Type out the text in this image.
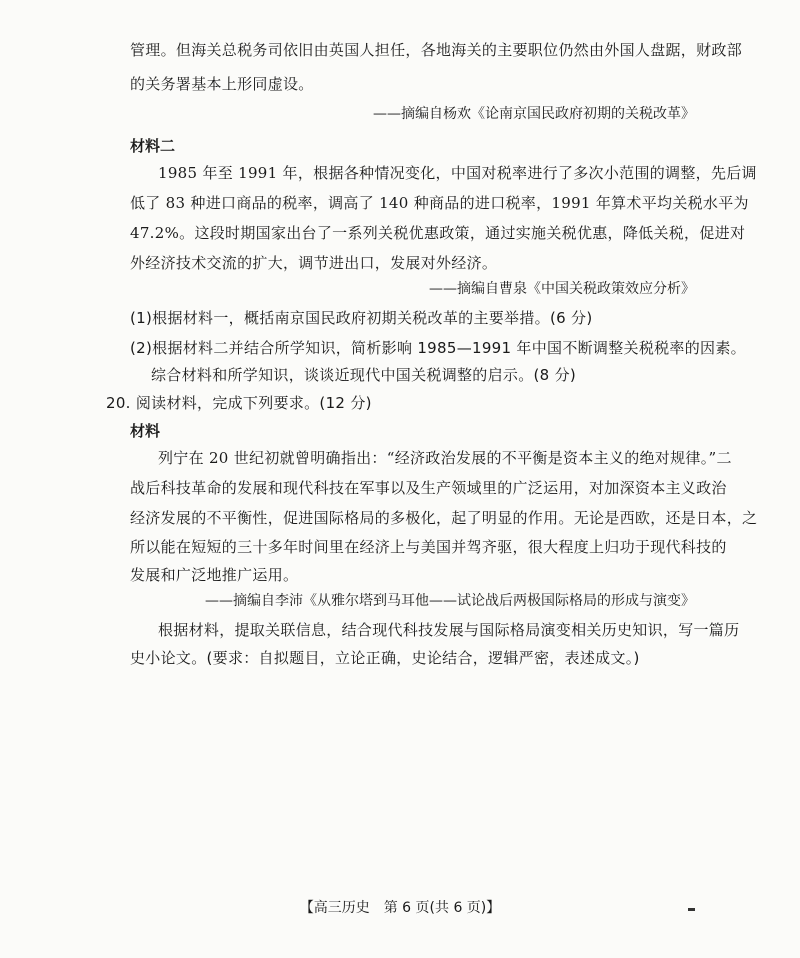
管理。但海关总税务司依旧由英国人担任，各地海关的主要职位仍然由外国人盘踞，财政部
的关务署基本上形同虚设。
——摘编自杨欢《论南京国民政府初期的关税改革》
材料二
1985 年至 1991 年，根据各种情况变化，中国对税率进行了多次小范围的调整，先后调
低了 83 种进口商品的税率，调高了 140 种商品的进口税率，1991 年算术平均关税水平为
47.2%。这段时期国家出台了一系列关税优惠政策，通过实施关税优惠，降低关税，促进对
外经济技术交流的扩大，调节进出口，发展对外经济。
——摘编自曹泉《中国关税政策效应分析》
(1)根据材料一，概括南京国民政府初期关税改革的主要举措。(6 分)
(2)根据材料二并结合所学知识，简析影响 1985—1991 年中国不断调整关税税率的因素。
综合材料和所学知识，谈谈近现代中国关税调整的启示。(8 分)
20. 阅读材料，完成下列要求。(12 分)
材料
列宁在 20 世纪初就曾明确指出：“经济政治发展的不平衡是资本主义的绝对规律。”二
战后科技革命的发展和现代科技在军事以及生产领域里的广泛运用，对加深资本主义政治
经济发展的不平衡性，促进国际格局的多极化，起了明显的作用。无论是西欧，还是日本，之
所以能在短短的三十多年时间里在经济上与美国并驾齐驱，很大程度上归功于现代科技的
发展和广泛地推广运用。
——摘编自李沛《从雅尔塔到马耳他——试论战后两极国际格局的形成与演变》
根据材料，提取关联信息，结合现代科技发展与国际格局演变相关历史知识，写一篇历
史小论文。(要求：自拟题目，立论正确，史论结合，逻辑严密，表述成文。)
【高三历史　第 6 页(共 6 页)】
